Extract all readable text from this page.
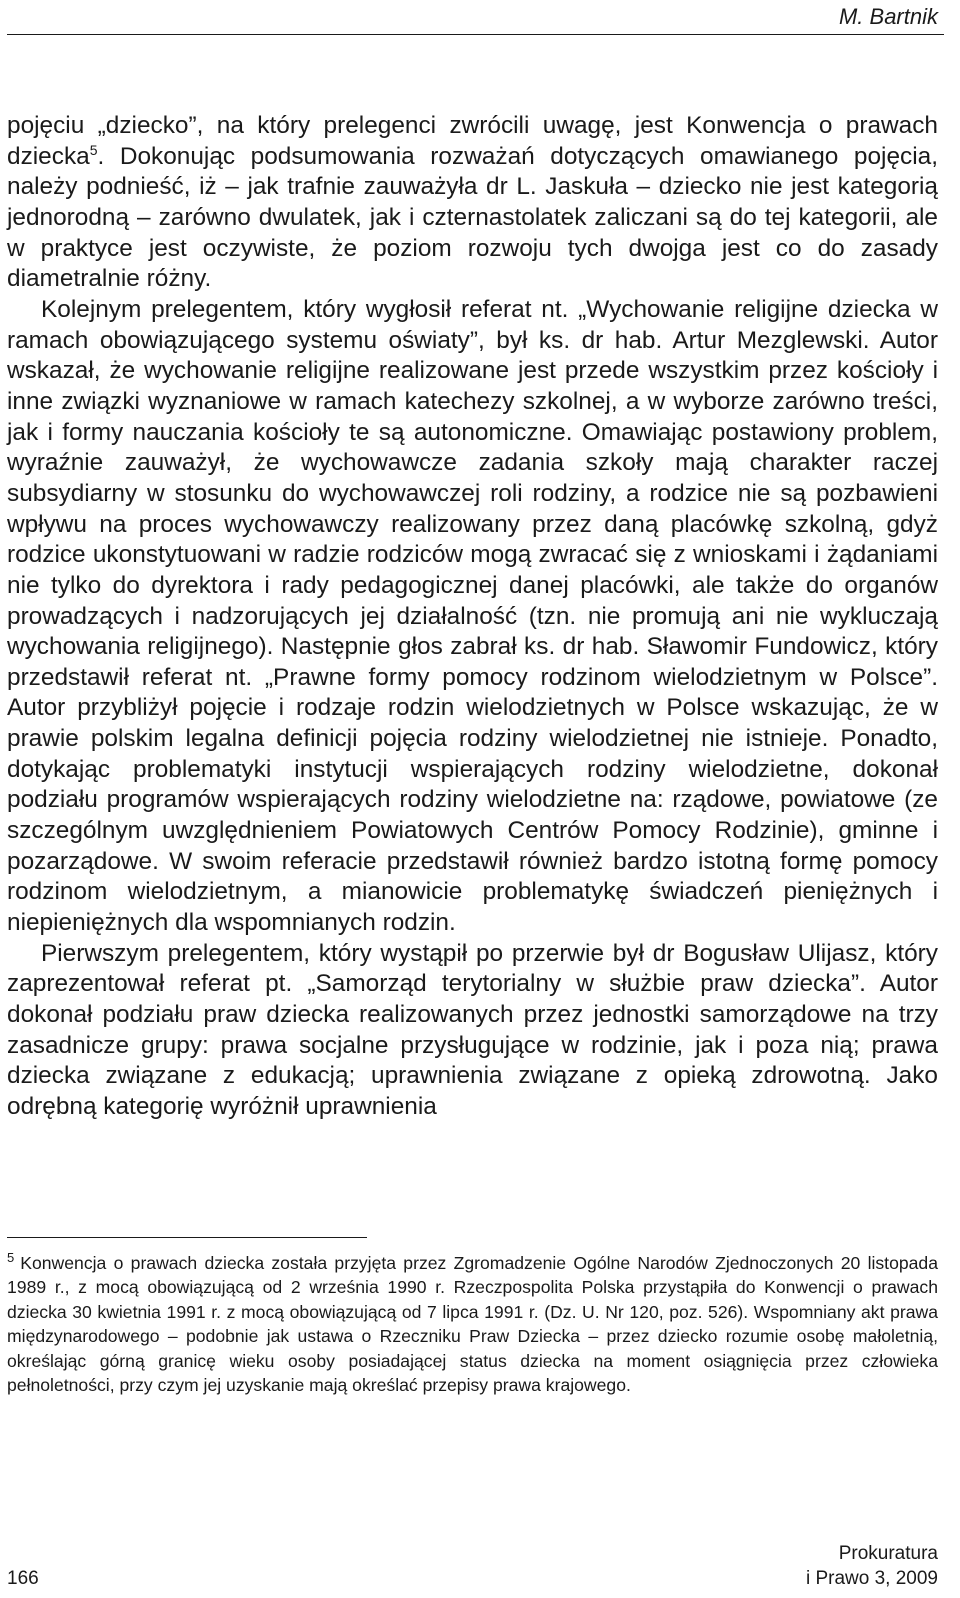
M. Bartnik

pojęciu „dziecko”, na który prelegenci zwrócili uwagę, jest Konwencja o prawach dziecka$^5$. Dokonując podsumowania rozważań dotyczących omawianego pojęcia, należy podnieść, iż – jak trafnie zauważyła dr L. Jaskuła – dziecko nie jest kategorią jednorodną – zarówno dwulatek, jak i czternastolatek zaliczani są do tej kategorii, ale w praktyce jest oczywiste, że poziom rozwoju tych dwojga jest co do zasady diametralnie różny.

Kolejnym prelegentem, który wygłosił referat nt. „Wychowanie religijne dziecka w ramach obowiązującego systemu oświaty”, był ks. dr hab. Artur Mezglewski. Autor wskazał, że wychowanie religijne realizowane jest przede wszystkim przez kościoły i inne związki wyznaniowe w ramach katechezy szkolnej, a w wyborze zarówno treści, jak i formy nauczania kościoły te są autonomiczne. Omawiając postawiony problem, wyraźnie zauważył, że wychowawcze zadania szkoły mają charakter raczej subsydiarny w stosunku do wychowawczej roli rodziny, a rodzice nie są pozbawieni wpływu na proces wychowawczy realizowany przez daną placówkę szkolną, gdyż rodzice ukonstytuowani w radzie rodziców mogą zwracać się z wnioskami i żądaniami nie tylko do dyrektora i rady pedagogicznej danej placówki, ale także do organów prowadzących i nadzorujących jej działalność (tzn. nie promują ani nie wykluczają wychowania religijnego). Następnie głos zabrał ks. dr hab. Sławomir Fundowicz, który przedstawił referat nt. „Prawne formy pomocy rodzinom wielodzietnym w Polsce”. Autor przybliżył pojęcie i rodzaje rodzin wielodzietnych w Polsce wskazując, że w prawie polskim legalna definicji pojęcia rodziny wielodzietnej nie istnieje. Ponadto, dotykając problematyki instytucji wspierających rodziny wielodzietne, dokonał podziału programów wspierających rodziny wielodzietne na: rządowe, powiatowe (ze szczególnym uwzględnieniem Powiatowych Centrów Pomocy Rodzinie), gminne i pozarządowe. W swoim referacie przedstawił również bardzo istotną formę pomocy rodzinom wielodzietnym, a mianowicie problematykę świadczeń pieniężnych i niepieniężnych dla wspomnianych rodzin.

Pierwszym prelegentem, który wystąpił po przerwie był dr Bogusław Ulijasz, który zaprezentował referat pt. „Samorząd terytorialny w służbie praw dziecka”. Autor dokonał podziału praw dziecka realizowanych przez jednostki samorządowe na trzy zasadnicze grupy: prawa socjalne przysługujące w rodzinie, jak i poza nią; prawa dziecka związane z edukacją; uprawnienia związane z opieką zdrowotną. Jako odrębną kategorię wyróżnił uprawnienia

$^5$ Konwencja o prawach dziecka została przyjęta przez Zgromadzenie Ogólne Narodów Zjednoczonych 20 listopada 1989 r., z mocą obowiązującą od 2 września 1990 r. Rzeczpospolita Polska przystąpiła do Konwencji o prawach dziecka 30 kwietnia 1991 r. z mocą obowiązującą od 7 lipca 1991 r. (Dz. U. Nr 120, poz. 526). Wspomniany akt prawa międzynarodowego – podobnie jak ustawa o Rzeczniku Praw Dziecka – przez dziecko rozumie osobę małoletnią, określając górną granicę wieku osoby posiadającej status dziecka na moment osiągnięcia przez człowieka pełnoletności, przy czym jej uzyskanie mają określać przepisy prawa krajowego.
166
Prokuratura
i Prawo 3, 2009
